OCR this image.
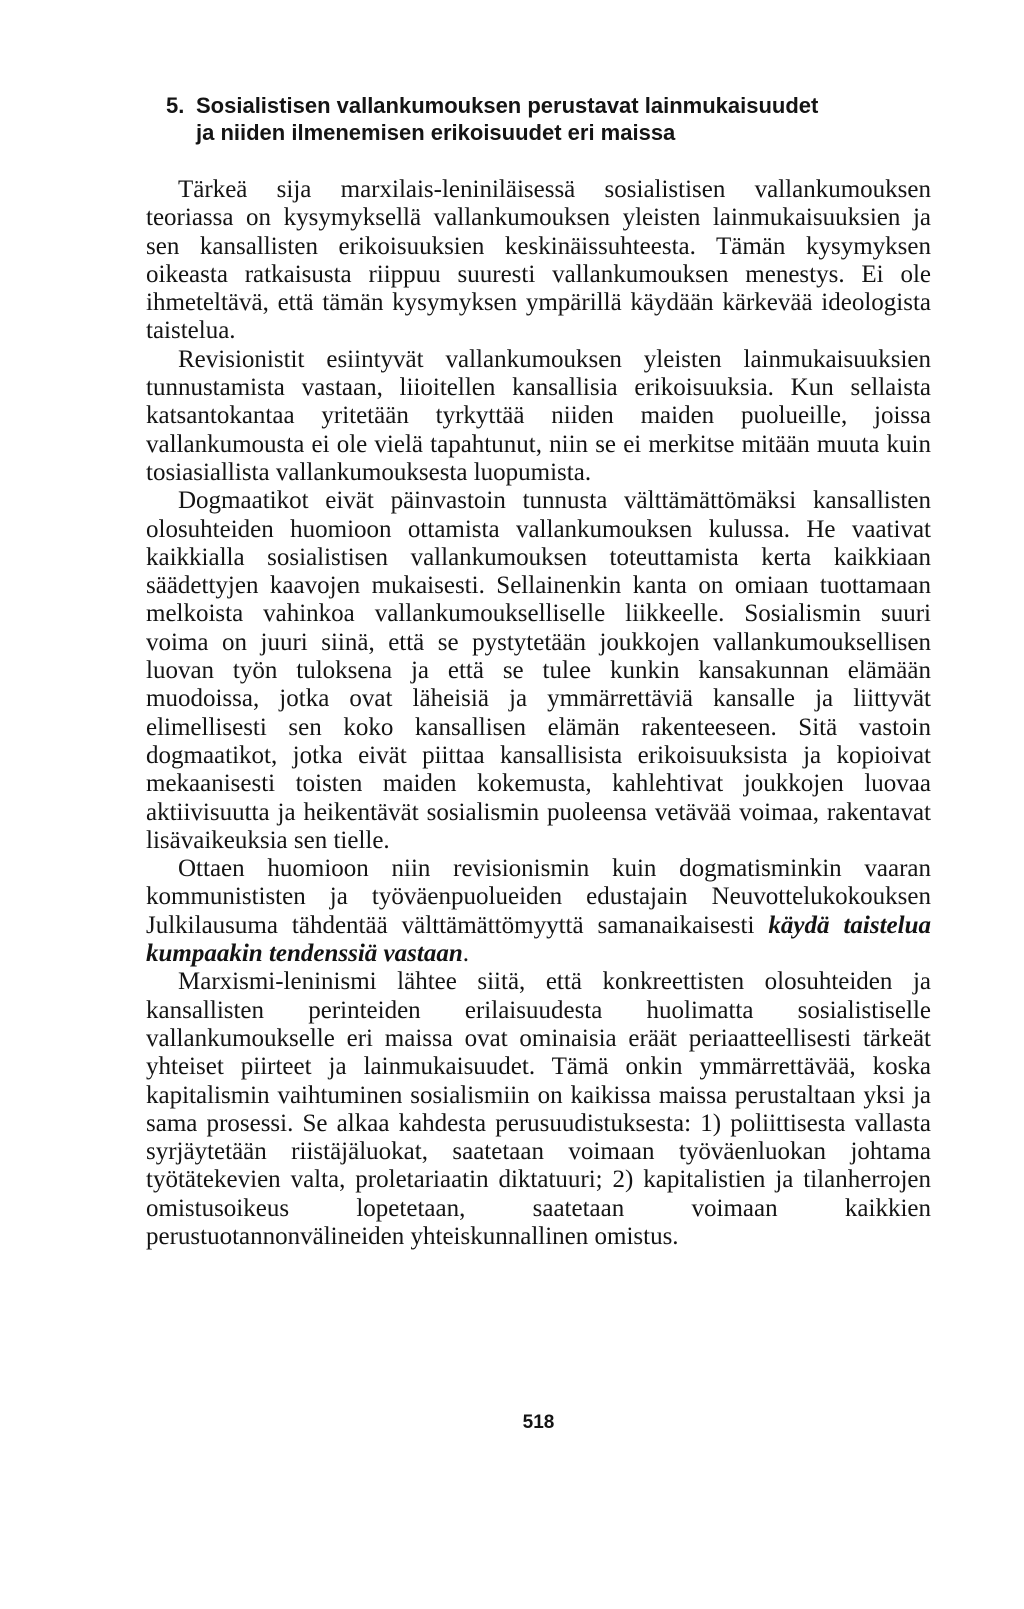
5. Sosialistisen vallankumouksen perustavat lainmukaisuudet
ja niiden ilmenemisen erikoisuudet eri maissa

Tärkeä sija marxilais-leniniläisessä sosialistisen vallankumouksen teoriassa on kysymyksellä vallankumouksen yleisten lainmukaisuuksien ja sen kansallisten erikoisuuksien keskinäissuhteesta. Tämän kysymyksen oikeasta ratkaisusta riippuu suuresti vallankumouksen menestys. Ei ole ihmeteltävä, että tämän kysymyksen ympärillä käydään kärkevää ideologista taistelua.

Revisionistit esiintyvät vallankumouksen yleisten lainmukaisuuksien tunnustamista vastaan, liioitellen kansallisia erikoisuuksia. Kun sellaista katsantokantaa yritetään tyrkyttää niiden maiden puolueille, joissa vallankumousta ei ole vielä tapahtunut, niin se ei merkitse mitään muuta kuin tosiasiallista vallankumouksesta luopumista.

Dogmaatikot eivät päinvastoin tunnusta välttämättömäksi kansallisten olosuhteiden huomioon ottamista vallankumouksen kulussa. He vaativat kaikkialla sosialistisen vallankumouksen toteuttamista kerta kaikkiaan säädettyjen kaavojen mukaisesti. Sellainenkin kanta on omiaan tuottamaan melkoista vahinkoa vallankumoukselliselle liikkeelle. Sosialismin suuri voima on juuri siinä, että se pystytetään joukkojen vallankumouksellisen luovan työn tuloksena ja että se tulee kunkin kansakunnan elämään muodoissa, jotka ovat läheisiä ja ymmärrettäviä kansalle ja liittyvät elimellisesti sen koko kansallisen elämän rakenteeseen. Sitä vastoin dogmaatikot, jotka eivät piittaa kansallisista erikoisuuksista ja kopioivat mekaanisesti toisten maiden kokemusta, kahlehtivat joukkojen luovaa aktiivisuutta ja heikentävät sosialismin puoleensa vetävää voimaa, rakentavat lisävaikeuksia sen tielle.

Ottaen huomioon niin revisionismin kuin dogmatisminkin vaaran kommunististen ja työväenpuolueiden edustajain Neuvottelukokouksen Julkilausuma tähdentää välttämättömyyttä samanaikaisesti käydä taistelua kumpaakin tendenssiä vastaan.

Marxismi-leninismi lähtee siitä, että konkreettisten olosuhteiden ja kansallisten perinteiden erilaisuudesta huolimatta sosialistiselle vallankumoukselle eri maissa ovat ominaisia eräät periaatteellisesti tärkeät yhteiset piirteet ja lainmukaisuudet. Tämä onkin ymmärrettävää, koska kapitalismin vaihtuminen sosialismiin on kaikissa maissa perustaltaan yksi ja sama prosessi. Se alkaa kahdesta perusuudistuksesta: 1) poliittisesta vallasta syrjäytetään riistäjäluokat, saatetaan voimaan työväenluokan johtama työtätekevien valta, proletariaatin diktatuuri; 2) kapitalistien ja tilanherrojen omistusoikeus lopetetaan, saatetaan voimaan kaikkien perustuotannonvälineiden yhteiskunnallinen omistus.

518
